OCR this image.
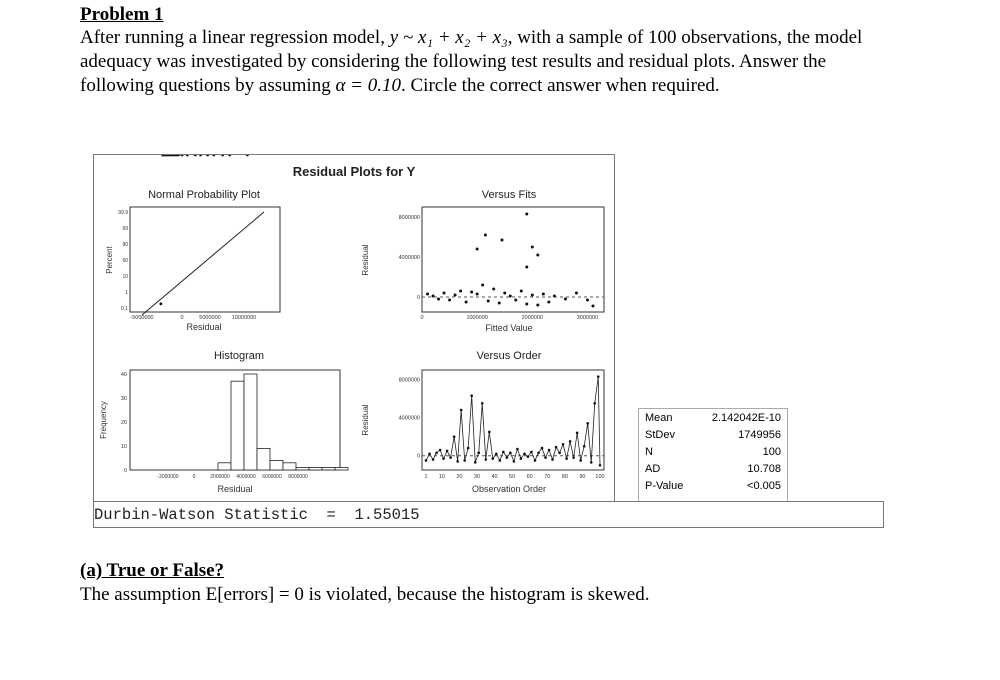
Problem 1
After running a linear regression model, y ~ x₁ + x₂ + x₃, with a sample of 100 observations, the model adequacy was investigated by considering the following test results and residual plots. Answer the following questions by assuming α = 0.10. Circle the correct answer when required.
Residual Plots for Y
Normal Probability Plot
Percent
Residual
99.9
99
90
50
10
1
0.1
-5000000	0	5000000 10000000
Versus Fits
Residual
Fitted Value
8000000
4000000
0
0	1000000	2000000	3000000
Histogram
Frequency
Residual
40
30
20
10
0
-2000000	0	2000000 4000000 6000000 8000000
Versus Order
Residual
Observation Order
8000000
4000000
0
1 10 20 30 40 50 60 70 80 90 100
Mean	2.142042E-10
StDev	1749956
N	100
AD	10.708
P-Value	<0.005
Durbin-Watson Statistic  =  1.55015
(a) True or False?
The assumption E[errors] = 0 is violated, because the histogram is skewed.
